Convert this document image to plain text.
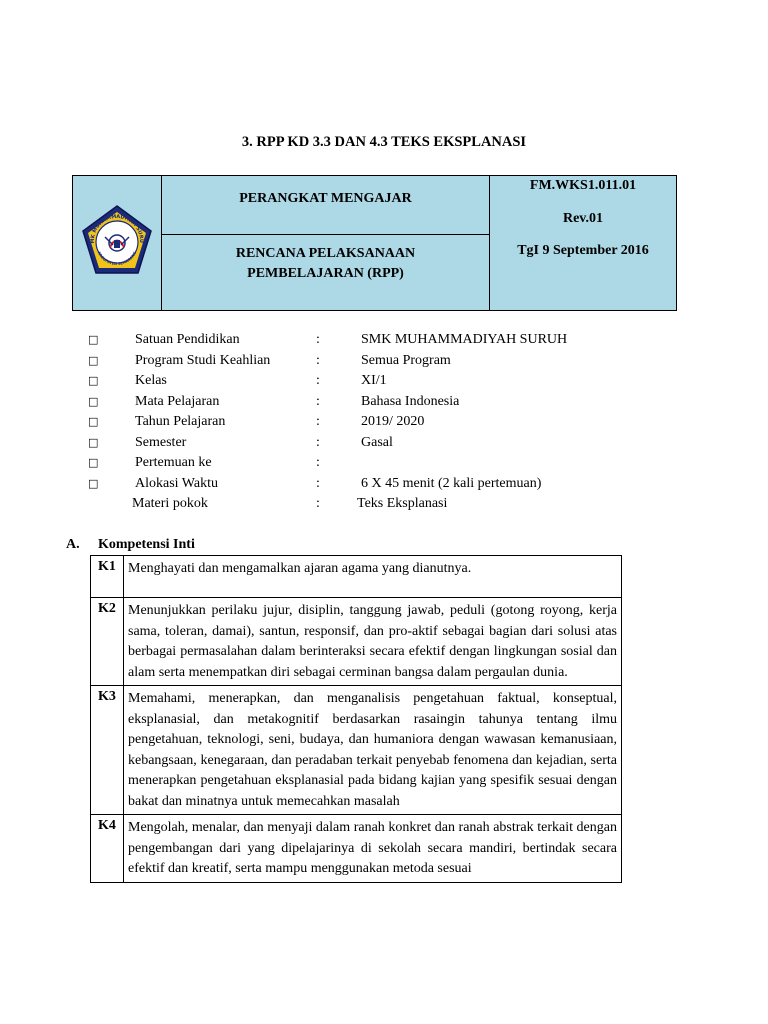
3. RPP KD 3.3 DAN 4.3 TEKS EKSPLANASI
MK MUHAMMADIYAH SURU
KABUPATEN SEMARANG

PERANGKAT MENGAJAR
RENCANA PELAKSANAAN
PEMBELAJARAN (RPP)

FM.WKS1.011.01
Rev.01
TgI 9 September 2016
□	Satuan Pendidikan	:	SMK MUHAMMADIYAH SURUH
□	Program Studi Keahlian	:	Semua Program
□	Kelas	:	XI/1
□	Mata Pelajaran	:	Bahasa Indonesia
□	Tahun Pelajaran	:	2019/ 2020
□	Semester	:	Gasal
□	Pertemuan ke	:
□	Alokasi Waktu	:	6 X 45 menit (2 kali pertemuan)
Materi pokok	:	Teks Eksplanasi
A. Kompetensi Inti
K1	Menghayati dan mengamalkan ajaran agama yang dianutnya.
K2	Menunjukkan perilaku jujur, disiplin, tanggung jawab, peduli (gotong royong, kerja sama, toleran, damai), santun, responsif, dan pro-aktif sebagai bagian dari solusi atas berbagai permasalahan dalam berinteraksi secara efektif dengan lingkungan sosial dan alam serta menempatkan diri sebagai cerminan bangsa dalam pergaulan dunia.
K3	Memahami, menerapkan, dan menganalisis pengetahuan faktual, konseptual, eksplanasial, dan metakognitif berdasarkan rasaingin tahunya tentang ilmu pengetahuan, teknologi, seni, budaya, dan humaniora dengan wawasan kemanusiaan, kebangsaan, kenegaraan, dan peradaban terkait penyebab fenomena dan kejadian, serta menerapkan pengetahuan eksplanasial pada bidang kajian yang spesifik sesuai dengan bakat dan minatnya untuk memecahkan masalah
K4	Mengolah, menalar, dan menyaji dalam ranah konkret dan ranah abstrak terkait dengan pengembangan dari yang dipelajarinya di sekolah secara mandiri, bertindak secara efektif dan kreatif, serta mampu menggunakan metoda sesuai
